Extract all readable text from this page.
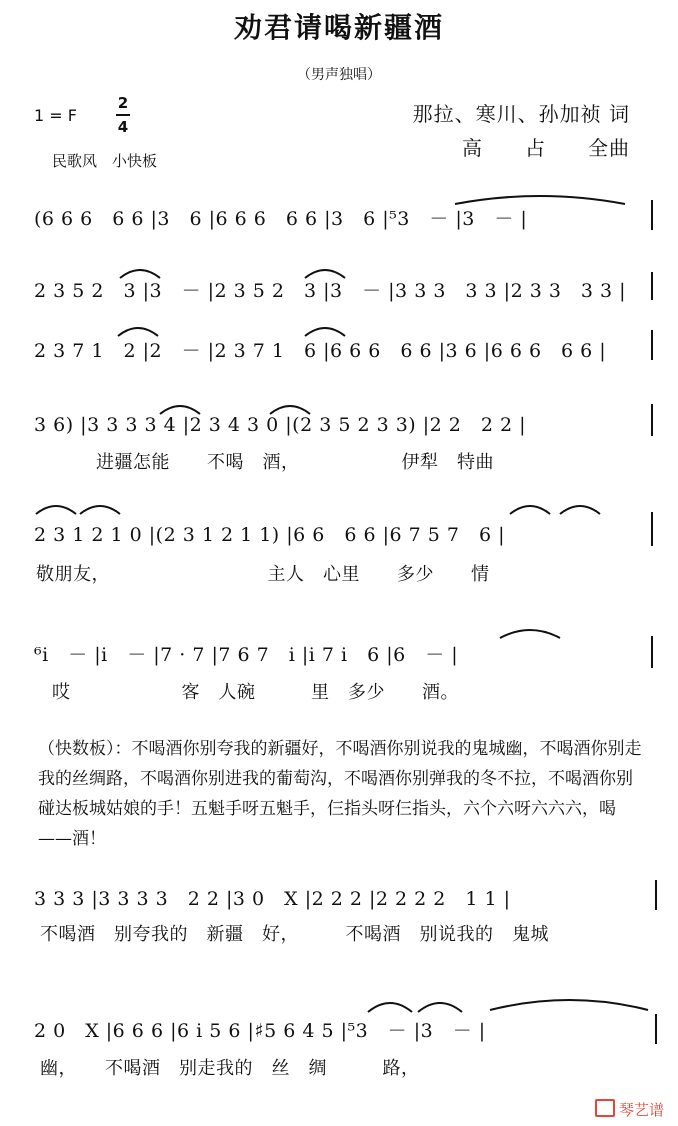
劝君请喝新疆酒
（男声独唱）
1 = F
2
4
那拉、寒川、孙加祯 词
高　　占　　全曲
民歌风　小快板
(6 6 6　6 6 |3　6 |6 6 6　6 6 |3　6 |⁵3　－ |3　－ |
2 3 5 2　3 |3　－ |2 3 5 2　3 |3　－ |3 3 3　3 3 |2 3 3　3 3 |
2 3 7 1　2 |2　－ |2 3 7 1　6 |6 6 6　6 6 |3 6 |6 6 6　6 6 |
3 6) |3 3 3 3 4 |2 3 4 3 0 |(2 3 5 2 3 3) |2 2　2 2 |
进疆怎能　　不喝　酒，　　　　　　伊犁　特曲
2 3 1 2 1 0 |(2 3 1 2 1 1) |6 6　6 6 |6 7 5 7　6 |
敬朋友，　　　　　　　　　主人　心里　　多少　　情
⁶i　－ |i　－ |7 · 7 |7 6 7　i |i 7 i　6 |6　－ |
哎　　　　　　客　人碗　　　里　多少　　酒。
（快数板）：不喝酒你别夸我的新疆好，不喝酒你别说我的鬼城幽，不喝酒你别走我的丝绸路，不喝酒你别进我的葡萄沟，不喝酒你别弹我的冬不拉，不喝酒你别碰达板城姑娘的手！五魁手呀五魁手，仨指头呀仨指头，六个六呀六六六，喝——酒！
3 3 3 |3 3 3 3　2 2 |3 0　X |2 2 2 |2 2 2 2　1 1 |
不喝酒　别夸我的　新疆　好，　　　不喝酒　别说我的　鬼城
2 0　X |6 6 6 |6 i 5 6 |♯5 6 4 5 |⁵3　－ |3　－ |
幽，　　不喝酒　别走我的　丝　绸　　　路，
琴艺谱
